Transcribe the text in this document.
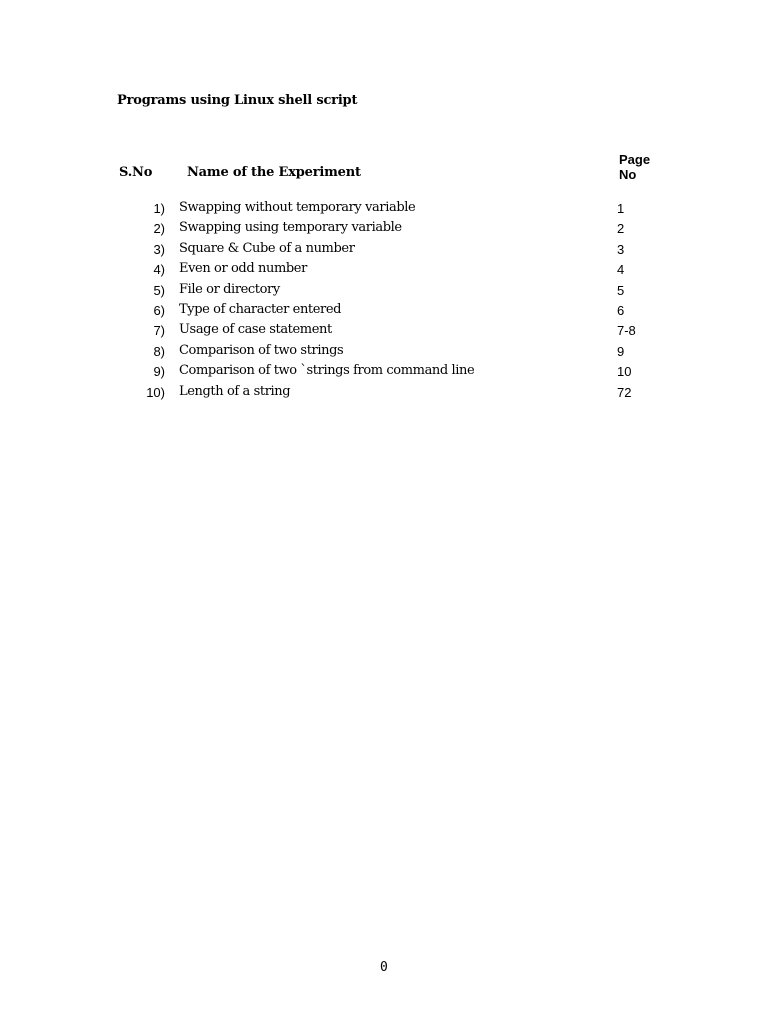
Programs using Linux shell script
S.No	Name of the Experiment
Page
No
1) Swapping without temporary variable	1
2) Swapping using temporary variable	2
3) Square & Cube of a number	3
4) Even or odd number	4
5) File or directory	5
6) Type of character entered	6
7) Usage of case statement	7-8
8) Comparison of two strings	9
9) Comparison of two `strings from command line	10
10) Length of a string	72
0
